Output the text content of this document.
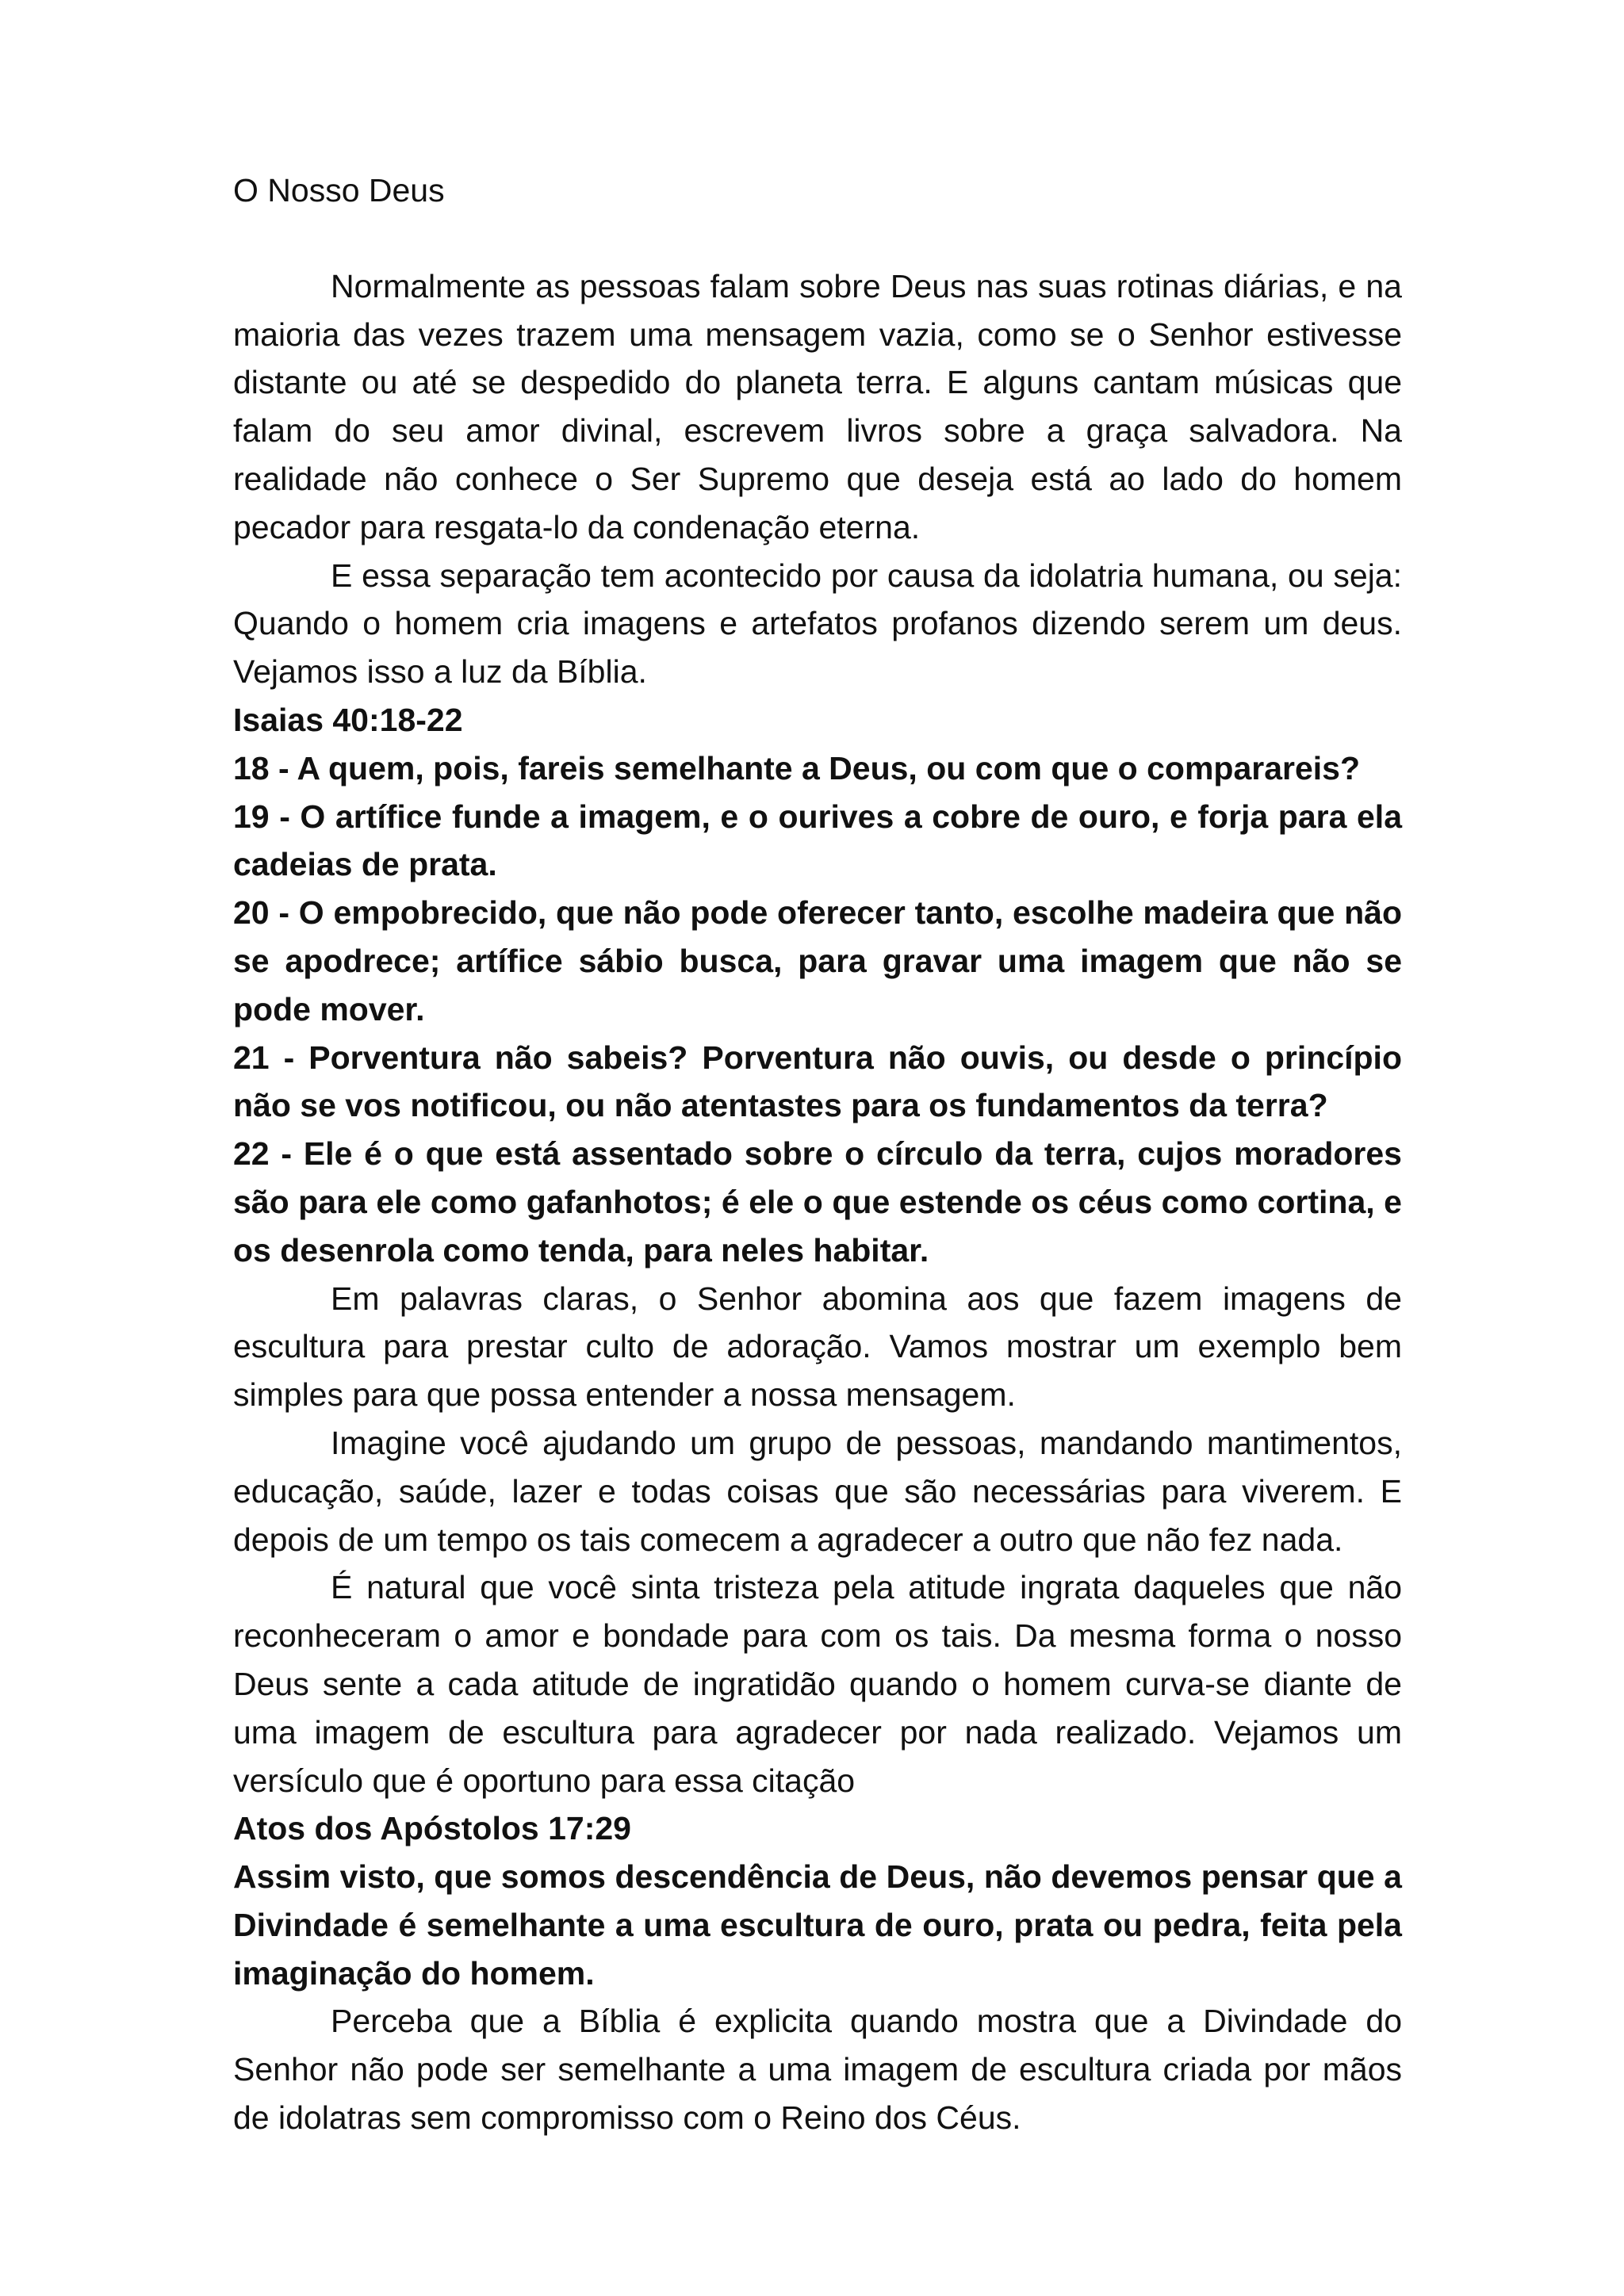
O Nosso Deus

Normalmente as pessoas falam sobre Deus nas suas rotinas diárias, e na maioria das vezes trazem uma mensagem vazia, como se o Senhor estivesse distante ou até se despedido do planeta terra. E alguns cantam músicas que falam do seu amor divinal, escrevem livros sobre a graça salvadora. Na realidade não conhece o Ser Supremo que deseja está ao lado do homem pecador para resgata-lo da condenação eterna.

E essa separação tem acontecido por causa da idolatria humana, ou seja: Quando o homem cria imagens e artefatos profanos dizendo serem um deus. Vejamos isso a luz da Bíblia.

Isaias 40:18-22

18 - A quem, pois, fareis semelhante a Deus, ou com que o comparareis?

19 - O artífice funde a imagem, e o ourives a cobre de ouro, e forja para ela cadeias de prata.

20 - O empobrecido, que não pode oferecer tanto, escolhe madeira que não se apodrece; artífice sábio busca, para gravar uma imagem que não se pode mover.

21 - Porventura não sabeis? Porventura não ouvis, ou desde o princípio não se vos notificou, ou não atentastes para os fundamentos da terra?

22 - Ele é o que está assentado sobre o círculo da terra, cujos moradores são para ele como gafanhotos; é ele o que estende os céus como cortina, e os desenrola como tenda, para neles habitar.

Em palavras claras, o Senhor abomina aos que fazem imagens de escultura para prestar culto de adoração. Vamos mostrar um exemplo bem simples para que possa entender a nossa mensagem.

Imagine você ajudando um grupo de pessoas, mandando mantimentos, educação, saúde, lazer e todas coisas que são necessárias para viverem. E depois de um tempo os tais comecem a agradecer a outro que não fez nada.

É natural que você sinta tristeza pela atitude ingrata daqueles que não reconheceram o amor e bondade para com os tais. Da mesma forma o nosso Deus sente a cada atitude de ingratidão quando o homem curva-se diante de uma imagem de escultura para agradecer por nada realizado. Vejamos um versículo que é oportuno para essa citação

Atos dos Apóstolos 17:29

Assim visto, que somos descendência de Deus, não devemos pensar que a Divindade é semelhante a uma escultura de ouro, prata ou pedra, feita pela imaginação do homem.

Perceba que a Bíblia é explicita quando mostra que a Divindade do Senhor não pode ser semelhante a uma imagem de escultura criada por mãos de idolatras sem compromisso com o Reino dos Céus.
